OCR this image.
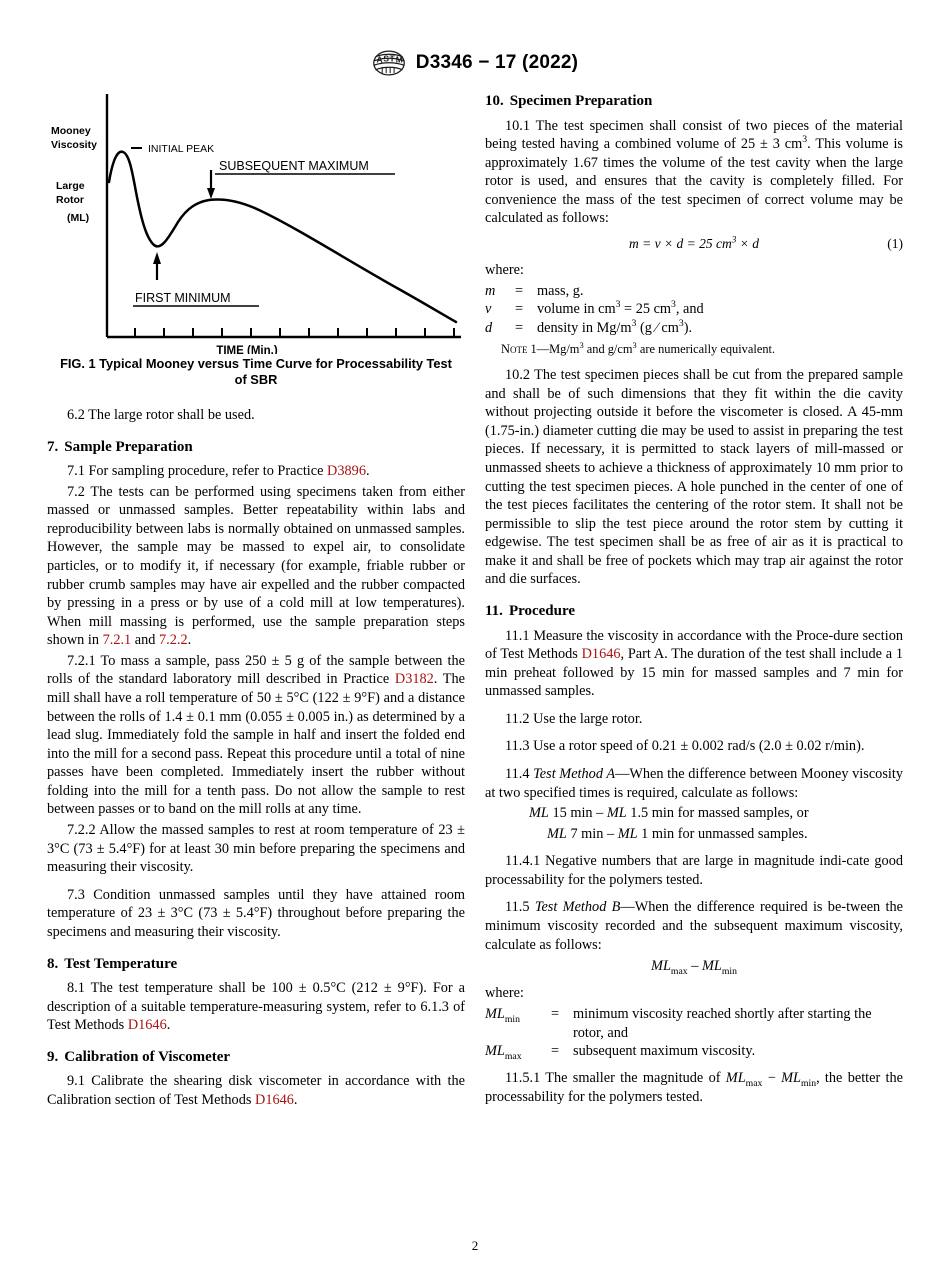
A S T M D3346 − 17 (2022)
INITIAL PEAK
SUBSEQUENT MAXIMUM
FIRST MINIMUM
Mooney
Viscosity
Large
Rotor
(ML)
TIME (Min.)
FIG. 1 Typical Mooney versus Time Curve for Processability Test of SBR

6.2 The large rotor shall be used.

7. Sample Preparation

7.1 For sampling procedure, refer to Practice D3896.

7.2 The tests can be performed using specimens taken from either massed or unmassed samples. Better repeatability within labs and reproducibility between labs is normally obtained on unmassed samples. However, the sample may be massed to expel air, to consolidate particles, or to modify it, if necessary (for example, friable rubber or rubber crumb samples may have air expelled and the rubber compacted by pressing in a press or by use of a cold mill at low temperatures). When mill massing is performed, use the sample preparation steps shown in 7.2.1 and 7.2.2.

7.2.1 To mass a sample, pass 250 ± 5 g of the sample between the rolls of the standard laboratory mill described in Practice D3182. The mill shall have a roll temperature of 50 ± 5°C (122 ± 9°F) and a distance between the rolls of 1.4 ± 0.1 mm (0.055 ± 0.005 in.) as determined by a lead slug. Immediately fold the sample in half and insert the folded end into the mill for a second pass. Repeat this procedure until a total of nine passes have been completed. Immediately insert the rubber without folding into the mill for a tenth pass. Do not allow the sample to rest between passes or to band on the mill rolls at any time.

7.2.2 Allow the massed samples to rest at room temperature of 23 ± 3°C (73 ± 5.4°F) for at least 30 min before preparing the specimens and measuring their viscosity.

7.3 Condition unmassed samples until they have attained room temperature of 23 ± 3°C (73 ± 5.4°F) throughout before preparing the specimens and measuring their viscosity.

8. Test Temperature

8.1 The test temperature shall be 100 ± 0.5°C (212 ± 9°F). For a description of a suitable temperature-measuring system, refer to 6.1.3 of Test Methods D1646.

9. Calibration of Viscometer

9.1 Calibrate the shearing disk viscometer in accordance with the Calibration section of Test Methods D1646.

10. Specimen Preparation

10.1 The test specimen shall consist of two pieces of the material being tested having a combined volume of 25 ± 3 $cm^3$. This volume is approximately 1.67 times the volume of the test cavity when the large rotor is used, and ensures that the cavity is completely filled. For convenience the mass of the test specimen of correct volume may be calculated as follows:

m = v × d = 25 $cm^3 \times d$	(1)

where:

m	=	mass, g.
v	=	volume in $cm^3 = 25$ $cm^3$, and
d	=	density in $Mg/m^3$ (g ⁄ $cm^3$).

Note $1—Mg/m^3$ and $g/cm^3$ are numerically equivalent.

10.2 The test specimen pieces shall be cut from the prepared sample and shall be of such dimensions that they fit within the die cavity without projecting outside it before the viscometer is closed. A 45-mm (1.75-in.) diameter cutting die may be used to assist in preparing the test pieces. If necessary, it is permitted to stack layers of mill-massed or unmassed sheets to achieve a thickness of approximately 10 mm prior to cutting the test specimen pieces. A hole punched in the center of one of the test pieces facilitates the centering of the rotor stem. It shall not be permissible to slip the test piece around the rotor stem by cutting it edgewise. The test specimen shall be as free of air as it is practical to make it and shall be free of pockets which may trap air against the rotor and die surfaces.

11. Procedure

11.1 Measure the viscosity in accordance with the Proce-dure section of Test Methods D1646, Part A. The duration of the test shall include a 1 min preheat followed by 15 min for massed samples and 7 min for unmassed samples.

11.2 Use the large rotor.

11.3 Use a rotor speed of 0.21 ± 0.002 rad/s (2.0 ± 0.02 r/min).

11.4 Test Method A—When the difference between Mooney viscosity at two specified times is required, calculate as follows:

ML 15 min – ML 1.5 min for massed samples, or

ML 7 min – ML 1 min for unmassed samples.

11.4.1 Negative numbers that are large in magnitude indi-cate good processability for the polymers tested.

11.5 Test Method B—When the difference required is be-tween the minimum viscosity recorded and the subsequent maximum viscosity, calculate as follows:

$ML_{max} - ML_{min}$

where:

$ML_{min}$	=	minimum viscosity reached shortly after starting the rotor, and
$ML_{max}$	=	subsequent maximum viscosity.

11.5.1 The smaller the magnitude of $ML_{max} - ML_{min}$, the better the processability for the polymers tested.

2
